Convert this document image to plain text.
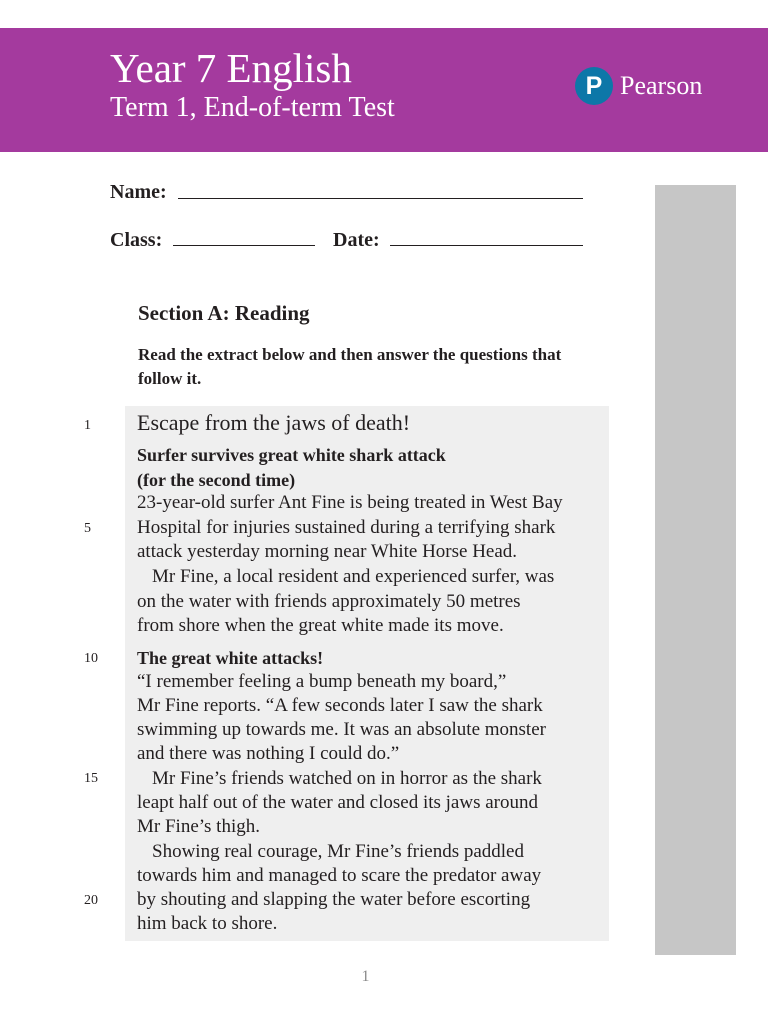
Year 7 English
Term 1, End-of-term Test
P Pearson
Name:
Class:	Date:
Section A: Reading
Read the extract below and then answer the questions that follow it.
1
5
10
15
20
Escape from the jaws of death!
Surfer survives great white shark attack
(for the second time)
23-year-old surfer Ant Fine is being treated in West Bay
Hospital for injuries sustained during a terrifying shark
attack yesterday morning near White Horse Head.
Mr Fine, a local resident and experienced surfer, was
on the water with friends approximately 50 metres
from shore when the great white made its move.
The great white attacks!
“I remember feeling a bump beneath my board,”
Mr Fine reports. “A few seconds later I saw the shark
swimming up towards me. It was an absolute monster
and there was nothing I could do.”
Mr Fine’s friends watched on in horror as the shark
leapt half out of the water and closed its jaws around
Mr Fine’s thigh.
Showing real courage, Mr Fine’s friends paddled
towards him and managed to scare the predator away
by shouting and slapping the water before escorting
him back to shore.
1
